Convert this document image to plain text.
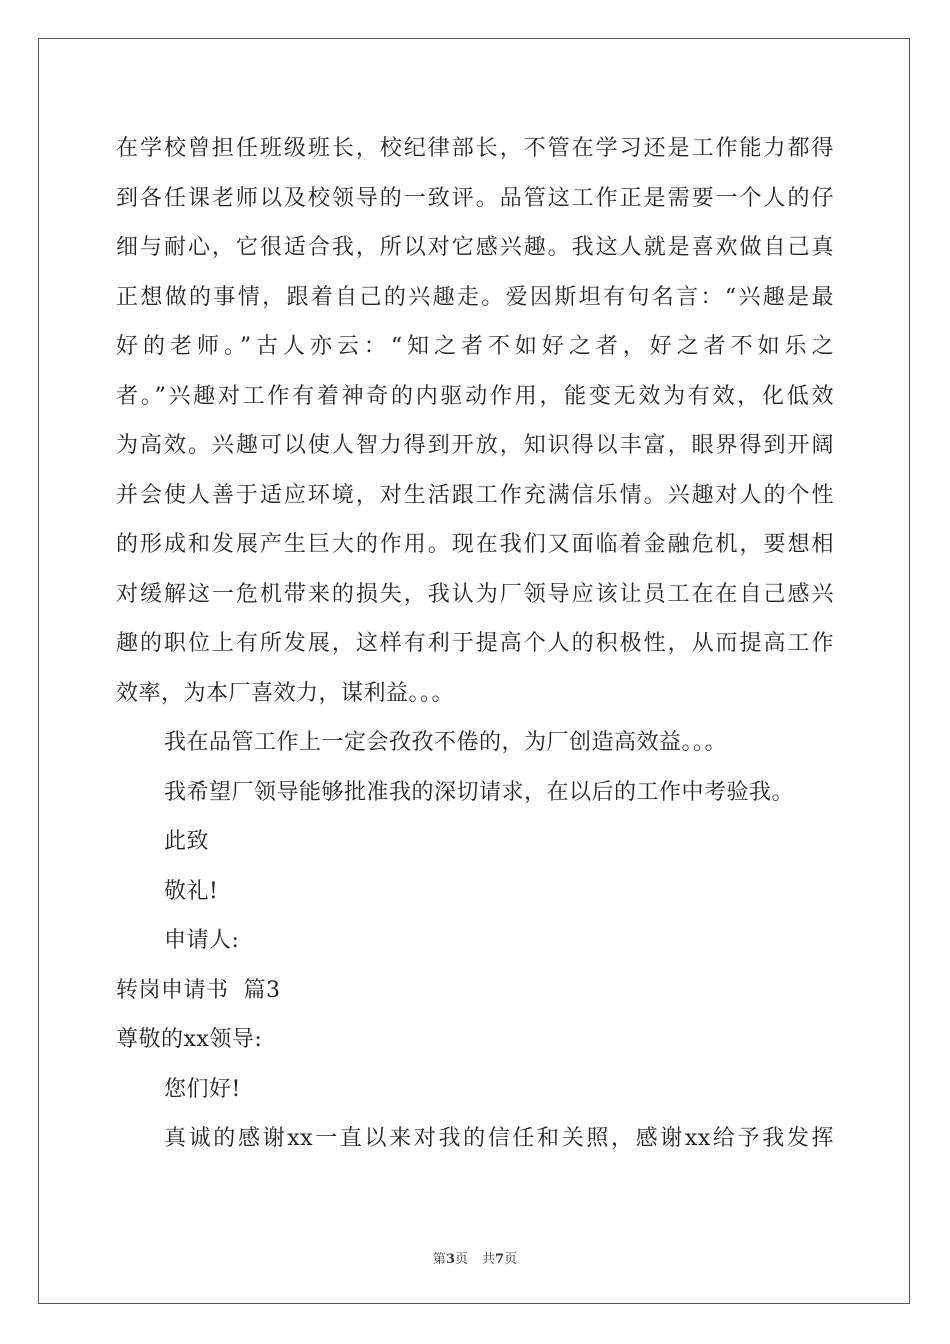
在学校曾担任班级班长，校纪律部长，不管在学习还是工作能力都得
到各任课老师以及校领导的一致评。品管这工作正是需要一个人的仔
细与耐心，它很适合我，所以对它感兴趣。我这人就是喜欢做自己真
正想做的事情，跟着自己的兴趣走。爱因斯坦有句名言：“兴趣是最
好的老师。”古人亦云：“知之者不如好之者，好之者不如乐之
者。”兴趣对工作有着神奇的内驱动作用，能变无效为有效，化低效
为高效。兴趣可以使人智力得到开放，知识得以丰富，眼界得到开阔
并会使人善于适应环境，对生活跟工作充满信乐情。兴趣对人的个性
的形成和发展产生巨大的作用。现在我们又面临着金融危机，要想相
对缓解这一危机带来的损失，我认为厂领导应该让员工在在自己感兴
趣的职位上有所发展，这样有利于提高个人的积极性，从而提高工作
效率，为本厂喜效力，谋利益。。。
我在品管工作上一定会孜孜不倦的，为厂创造高效益。。。
我希望厂领导能够批准我的深切请求，在以后的工作中考验我。
此致
敬礼!
申请人:
转岗申请书  篇3
尊敬的xx领导:
您们好!
真诚的感谢xx一直以来对我的信任和关照，感谢xx给予我发挥
第3页 共7页
